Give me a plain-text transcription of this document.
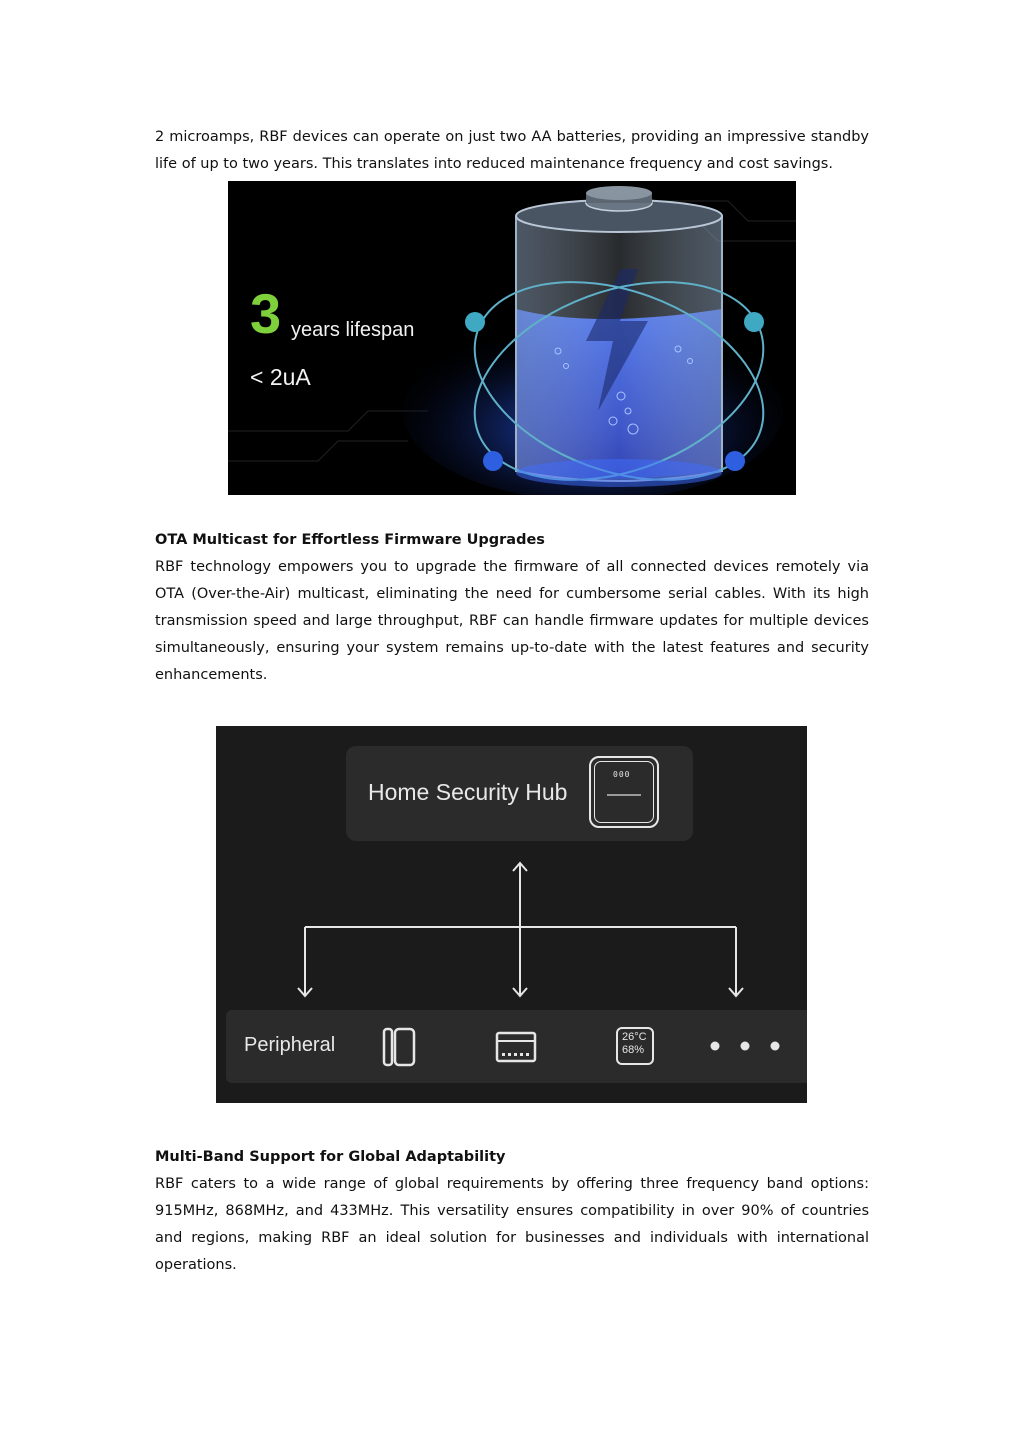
2 microamps, RBF devices can operate on just two AA batteries, providing an impressive standby life of up to two years. This translates into reduced maintenance frequency and cost savings.

3 years lifespan
< 2uA

OTA Multicast for Effortless Firmware Upgrades

RBF technology empowers you to upgrade the firmware of all connected devices remotely via OTA (Over-the-Air) multicast, eliminating the need for cumbersome serial cables. With its high transmission speed and large throughput, RBF can handle firmware updates for multiple devices simultaneously, ensuring your system remains up-to-date with the latest features and security enhancements.

Home Security Hub
000
Peripheral	26°C
68%

Multi-Band Support for Global Adaptability

RBF caters to a wide range of global requirements by offering three frequency band options: 915MHz, 868MHz, and 433MHz. This versatility ensures compatibility in over 90% of countries and regions, making RBF an ideal solution for businesses and individuals with international operations.
